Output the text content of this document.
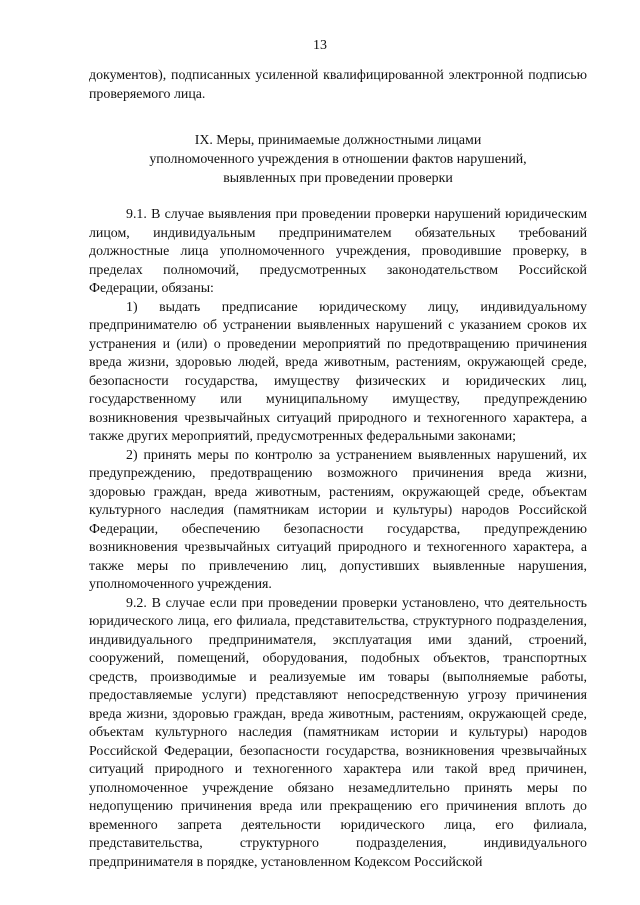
13

документов), подписанных усиленной квалифицированной электронной подписью проверяемого лица.

IX. Меры, принимаемые должностными лицами
уполномоченного учреждения в отношении фактов нарушений,
выявленных при проведении проверки

9.1. В случае выявления при проведении проверки нарушений юридическим лицом, индивидуальным предпринимателем обязательных требований должностные лица уполномоченного учреждения, проводившие проверку, в пределах полномочий, предусмотренных законодательством Российской Федерации, обязаны:

1) выдать предписание юридическому лицу, индивидуальному предпринимателю об устранении выявленных нарушений с указанием сроков их устранения и (или) о проведении мероприятий по предотвращению причинения вреда жизни, здоровью людей, вреда животным, растениям, окружающей среде, безопасности государства, имуществу физических и юридических лиц, государственному или муниципальному имуществу, предупреждению возникновения чрезвычайных ситуаций природного и техногенного характера, а также других мероприятий, предусмотренных федеральными законами;

2) принять меры по контролю за устранением выявленных нарушений, их предупреждению, предотвращению возможного причинения вреда жизни, здоровью граждан, вреда животным, растениям, окружающей среде, объектам культурного наследия (памятникам истории и культуры) народов Российской Федерации, обеспечению безопасности государства, предупреждению возникновения чрезвычайных ситуаций природного и техногенного характера, а также меры по привлечению лиц, допустивших выявленные нарушения, уполномоченного учреждения.

9.2. В случае если при проведении проверки установлено, что деятельность юридического лица, его филиала, представительства, структурного подразделения, индивидуального предпринимателя, эксплуатация ими зданий, строений, сооружений, помещений, оборудования, подобных объектов, транспортных средств, производимые и реализуемые им товары (выполняемые работы, предоставляемые услуги) представляют непосредственную угрозу причинения вреда жизни, здоровью граждан, вреда животным, растениям, окружающей среде, объектам культурного наследия (памятникам истории и культуры) народов Российской Федерации, безопасности государства, возникновения чрезвычайных ситуаций природного и техногенного характера или такой вред причинен, уполномоченное учреждение обязано незамедлительно принять меры по недопущению причинения вреда или прекращению его причинения вплоть до временного запрета деятельности юридического лица, его филиала, представительства, структурного подразделения, индивидуального предпринимателя в порядке, установленном Кодексом Российской
